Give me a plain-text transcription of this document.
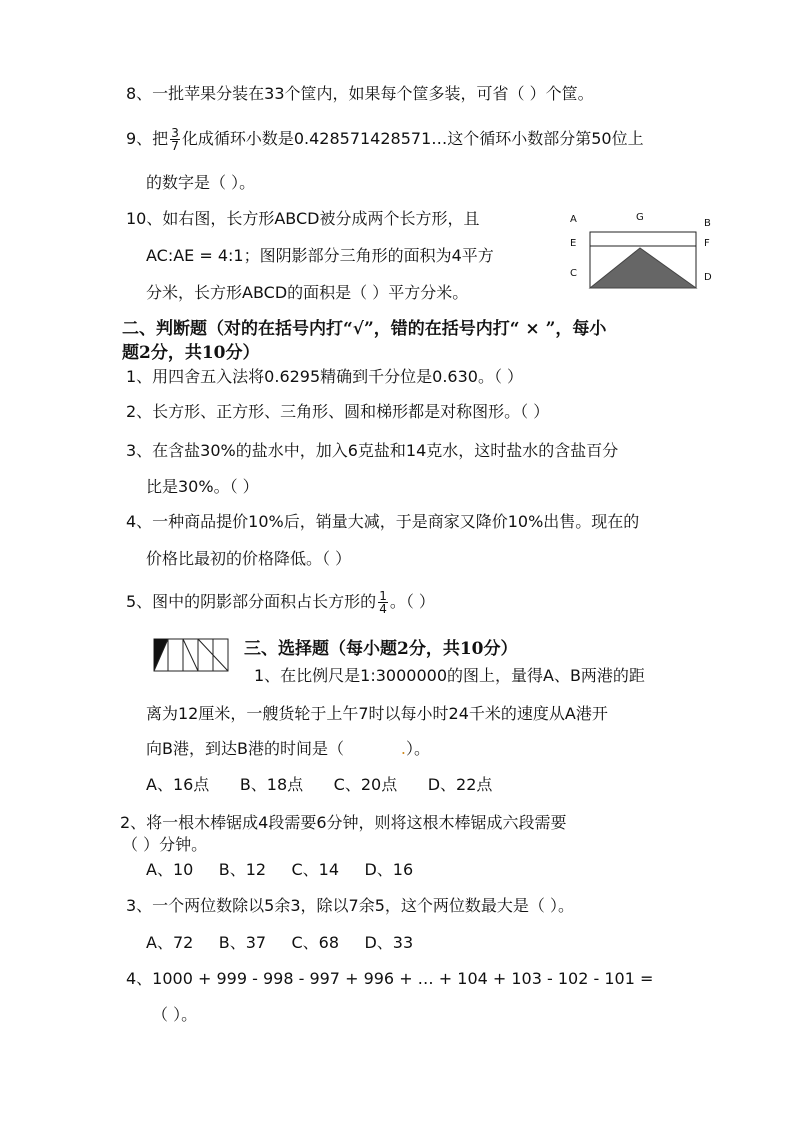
8、一批苹果分装在33个筐内，如果每个筐多装，可省（ ）个筐。
9、把 $\frac{3}{7}$ 化成循环小数是0.428571428571…这个循环小数部分第50位上
的数字是（ ）。
10、如右图，长方形ABCD被分成两个长方形，且
AC:AE = 4:1；图阴影部分三角形的面积为4平方
分米，长方形ABCD的面积是（ ）平方分米。
A	G
B
E	F
C	D
二、判断题（对的在括号内打“√”，错的在括号内打“ × ”，每小
题2分，共10分）
1、用四舍五入法将0.6295精确到千分位是0.630。（ ）
2、长方形、正方形、三角形、圆和梯形都是对称图形。（ ）
3、在含盐30%的盐水中，加入6克盐和14克水，这时盐水的含盐百分
比是30%。（ ）
4、一种商品提价10%后，销量大减，于是商家又降价10%出售。现在的
价格比最初的价格降低。（ ）
5、图中的阴影部分面积占长方形的 $\frac{1}{4}$ 。（ ）
三、选择题（每小题2分，共10分）
1、在比例尺是1:3000000的图上，量得A、B两港的距
离为12厘米，一艘货轮于上午7时以每小时24千米的速度从A港开
向B港，到达B港的时间是（	.）。
A、16点      B、18点      C、20点      D、22点
2、将一根木棒锯成4段需要6分钟，则将这根木棒锯成六段需要
（ ）分钟。
A、10     B、12     C、14     D、16
3、一个两位数除以5余3，除以7余5，这个两位数最大是（ ）。
A、72     B、37     C、68     D、33
4、1000 + 999 - 998 - 997 + 996 + … + 104 + 103 - 102 - 101 =
（ ）。
